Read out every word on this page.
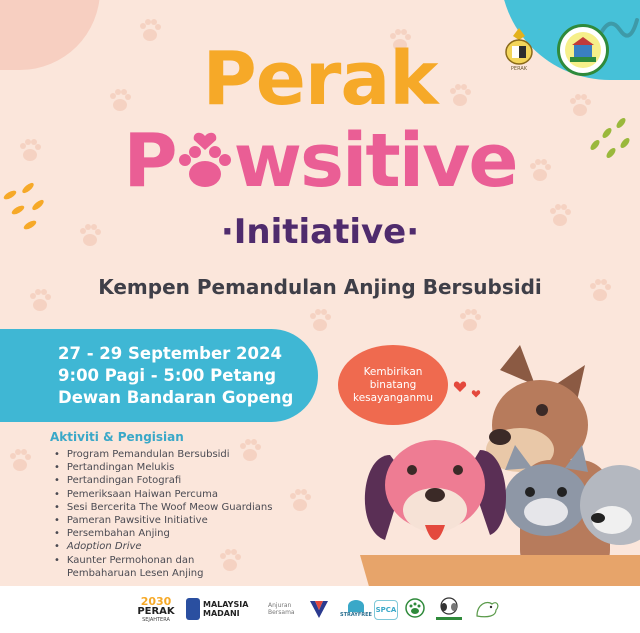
PERAK
Perak
P wsitive
·Initiative·
Kempen Pemandulan Anjing Bersubsidi
27 - 29 September 2024
9:00 Pagi - 5:00 Petang
Dewan Bandaran Gopeng
Kembirikan
binatang
kesayanganmu
Aktiviti & Pengisian
• Program Pemandulan Bersubsidi
• Pertandingan Melukis
• Pertandingan Fotografi
• Pemeriksaan Haiwan Percuma
• Sesi Bercerita The Woof Meow Guardians
• Pameran Pawsitive Initiative
• Persembahan Anjing
• Adoption Drive
• Kaunter Permohonan dan
Pembaharuan Lesen Anjing
2030
PERAK
SEJAHTERA
MALAYSIA
MADANI
Anjuran
Bersama	STRAYFREE
SPCA
